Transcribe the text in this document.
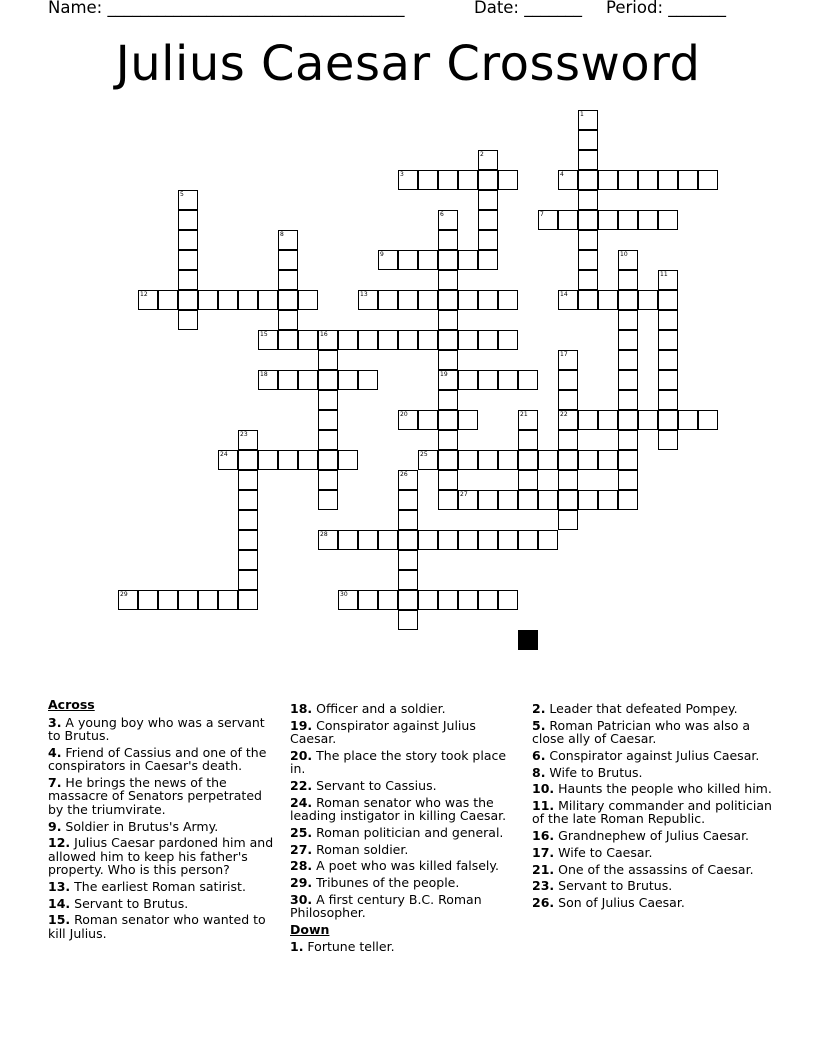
Name: ____________________________________	Date: _______ Period: _______
Julius Caesar Crossword
1
2
3	4
5
6
19
7
8
9	10
11
12	13	14
15	16
17
22
18
20	21
23
24	25
26
27
28
29	30
Across
3. A young boy who was a servant to Brutus.
4. Friend of Cassius and one of the conspirators in Caesar's death.
7. He brings the news of the massacre of Senators perpetrated by the triumvirate.
9. Soldier in Brutus's Army.
12. Julius Caesar pardoned him and allowed him to keep his father's property. Who is this person?
13. The earliest Roman satirist.
14. Servant to Brutus.
15. Roman senator who wanted to kill Julius.
18. Officer and a soldier.
19. Conspirator against Julius Caesar.
20. The place the story took place in.
22. Servant to Cassius.
24. Roman senator who was the leading instigator in killing Caesar.
25. Roman politician and general.
27. Roman soldier.
28. A poet who was killed falsely.
29. Tribunes of the people.
30. A first century B.C. Roman Philosopher.
Down
1. Fortune teller.
2. Leader that defeated Pompey.
5. Roman Patrician who was also a close ally of Caesar.
6. Conspirator against Julius Caesar.
8. Wife to Brutus.
10. Haunts the people who killed him.
11. Military commander and politician of the late Roman Republic.
16. Grandnephew of Julius Caesar.
17. Wife to Caesar.
21. One of the assassins of Caesar.
23. Servant to Brutus.
26. Son of Julius Caesar.
